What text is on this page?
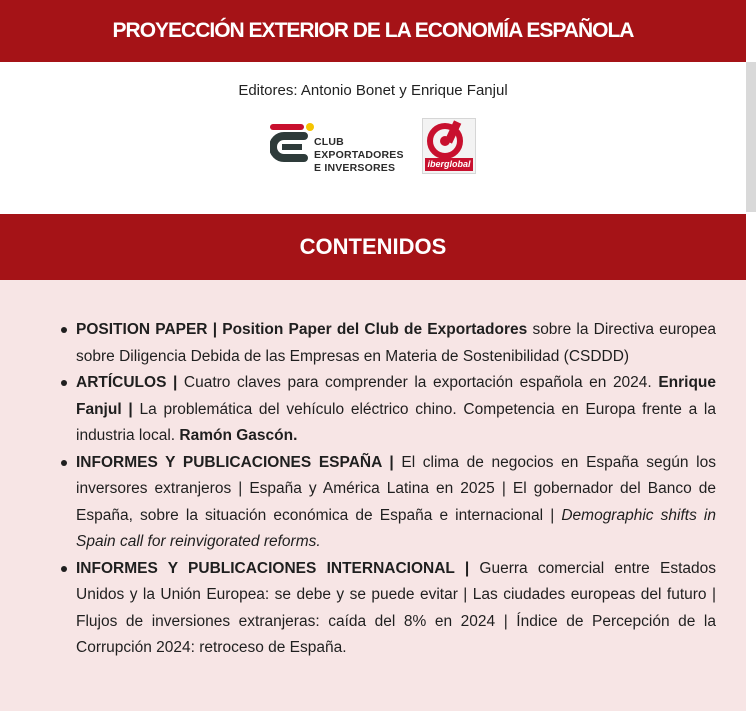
PROYECCIÓN EXTERIOR DE LA ECONOMÍA ESPAÑOLA
Editores: Antonio Bonet y Enrique Fanjul
CLUB
EXPORTADORES
E INVERSORES	iberglobal
CONTENIDOS
POSITION PAPER | Position Paper del Club de Exportadores sobre la Directiva europea sobre Diligencia Debida de las Empresas en Materia de Sostenibilidad (CSDDD)
ARTÍCULOS | Cuatro claves para comprender la exportación española en 2024. Enrique Fanjul | La problemática del vehículo eléctrico chino. Competencia en Europa frente a la industria local. Ramón Gascón.
INFORMES Y PUBLICACIONES ESPAÑA | El clima de negocios en España según los inversores extranjeros | España y América Latina en 2025 | El gobernador del Banco de España, sobre la situación económica de España e internacional | Demographic shifts in Spain call for reinvigorated reforms.
INFORMES Y PUBLICACIONES INTERNACIONAL | Guerra comercial entre Estados Unidos y la Unión Europea: se debe y se puede evitar | Las ciudades europeas del futuro | Flujos de inversiones extranjeras: caída del 8% en 2024 | Índice de Percepción de la Corrupción 2024: retroceso de España.
